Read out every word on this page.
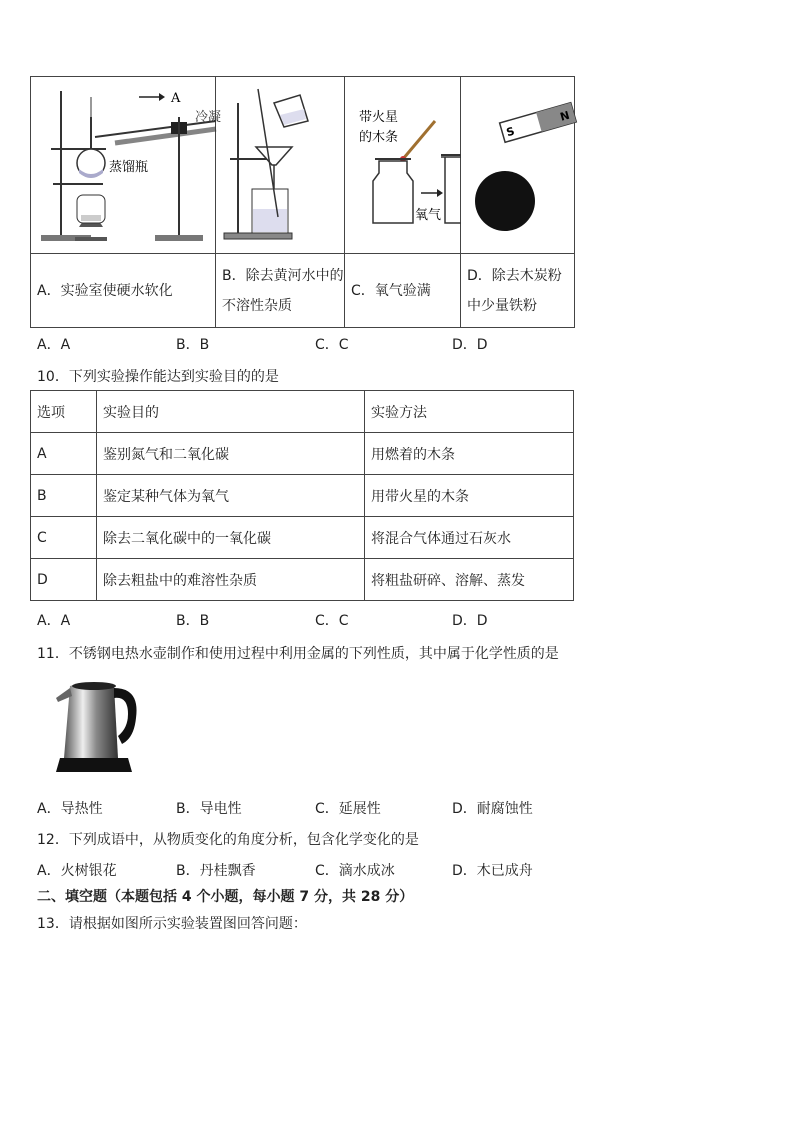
A
冷凝
蒸馏瓶		带火星
的木条
氧气	S
N

A．实验室使硬水软化	B．除去黄河水中的不溶性杂质	C．氧气验满	D．除去木炭粉中少量铁粉
A．A	B．B	C．C	D．D
10．下列实验操作能达到实验目的的是
选项	实验目的	实验方法
A	鉴别氮气和二氧化碳	用燃着的木条
B	鉴定某种气体为氧气	用带火星的木条
C	除去二氧化碳中的一氧化碳	将混合气体通过石灰水
D	除去粗盐中的难溶性杂质	将粗盐研碎、溶解、蒸发
A．A	B．B	C．C	D．D
11．不锈钢电热水壶制作和使用过程中利用金属的下列性质，其中属于化学性质的是
A．导热性	B．导电性	C．延展性	D．耐腐蚀性
12．下列成语中，从物质变化的角度分析，包含化学变化的是
A．火树银花	B．丹桂飘香	C．滴水成冰	D．木已成舟
二、填空题（本题包括 4 个小题，每小题 7 分，共 28 分）
13．请根据如图所示实验装置图回答问题：
